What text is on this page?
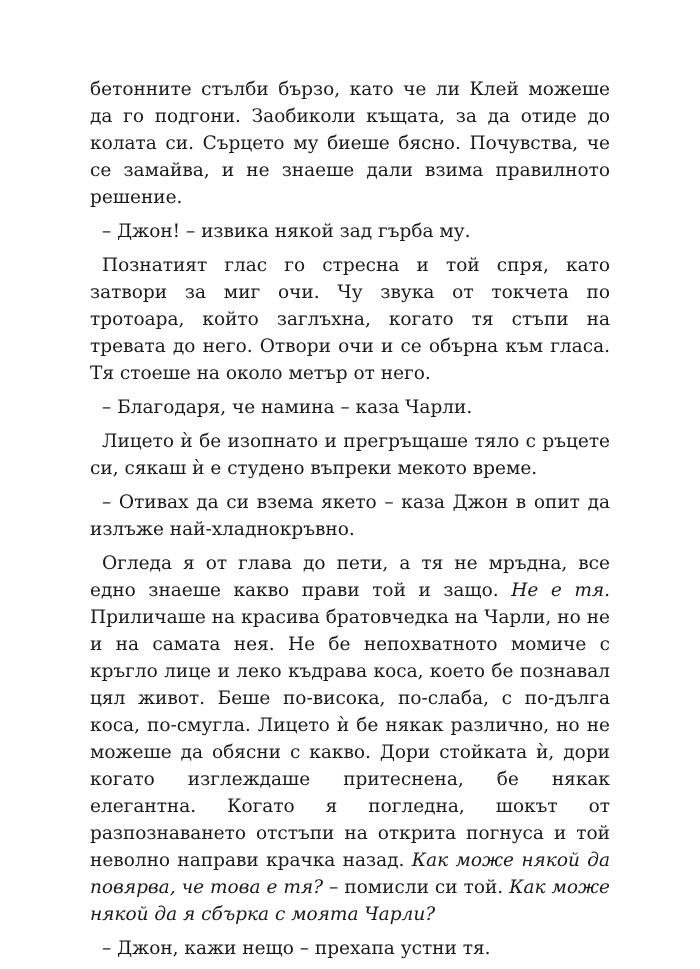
бетонните стълби бързо, като че ли Клей можеше да го подгони. Заобиколи къщата, за да отиде до колата си. Сърцето му биеше бясно. Почувства, че се замайва, и не знаеше дали взима правилното решение.

– Джон! – извика някой зад гърба му.

Познатият глас го стресна и той спря, като затвори за миг очи. Чу звука от токчета по тротоара, който заглъхна, когато тя стъпи на тревата до него. Отвори очи и се обърна към гласа. Тя стоеше на около метър от него.

– Благодаря, че намина – каза Чарли.

Лицето ѝ бе изопнато и прегръщаше тяло с ръцете си, сякаш ѝ е студено въпреки мекото време.

– Отивах да си взема якето – каза Джон в опит да излъже най-хладнокръвно.

Огледа я от глава до пети, а тя не мръдна, все едно знаеше какво прави той и защо. Не е тя. Приличаше на красива братовчедка на Чарли, но не и на самата нея. Не бе непохватното момиче с кръгло лице и леко къдрава коса, което бе познавал цял живот. Беше по-висока, по-слаба, с по-дълга коса, по-смугла. Лицето ѝ бе някак различно, но не можеше да обясни с какво. Дори стойката ѝ, дори когато изглеждаше притеснена, бе някак елегантна. Когато я погледна, шокът от разпознаването отстъпи на открита погнуса и той неволно направи крачка назад. Как може някой да повярва, че това е тя? – помисли си той. Как може някой да я сбърка с моята Чарли?

– Джон, кажи нещо – прехапа устни тя.
